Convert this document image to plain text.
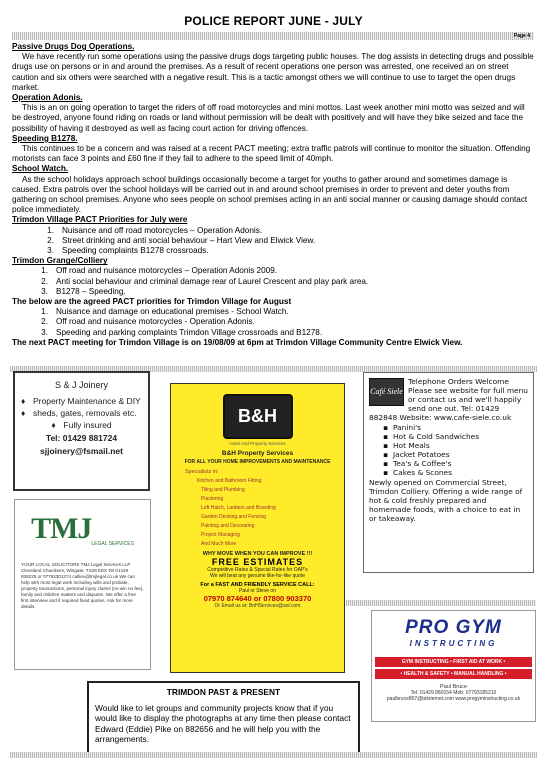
POLICE REPORT JUNE - JULY
Page 4
Passive Drugs Dog Operations.
We have recently run some operations using the passive drugs dogs targeting public houses. The dog assists in detecting drugs and possible drugs use on persons or in and around the premises. As a result of recent operations one person was arrested, one received an on street caution and six others were searched with a negative result. This is a tactic amongst others we will continue to use to target the open drugs market.
Operation Adonis.
This is an on going operation to target the riders of off road motorcycles and mini mottos. Last week another mini motto was seized and will be destroyed, anyone found riding on roads or land without permission will be dealt with positively and will have they bike seized and face the possibility of having it destroyed as well as facing court action for driving offences.
Speeding B1278.
This continues to be a concern and was raised at a recent PACT meeting; extra traffic patrols will continue to monitor the situation. Offending motorists can face 3 points and £60 fine if they fail to adhere to the speed limit of 40mph.
School Watch.
As the school holidays approach school buildings occasionally become a target for youths to gather around and sometimes damage is caused. Extra patrols over the school holidays will be carried out in and around school premises in order to prevent and deter youths from gathering on school premises. Anyone who sees people on school premises acting in an anti social manner or causing damage should contact police immediately.
Trimdon Village PACT Priorities for July were
1. Nuisance and off road motorcycles – Operation Adonis.
2. Street drinking and anti social behaviour – Hart View and Elwick View.
3. Speeding complaints B1278 crossroads.
Trimdon Grange/Colliery
1. Off road and nuisance motorcycles – Operation Adonis 2009.
2. Anti social behaviour and criminal damage rear of Laurel Crescent and play park area.
3. B1278 – Speeding.
The below are the agreed PACT priorities for Trimdon Village for August
1. Nuisance and damage on educational premises - School Watch.
2. Off road and nuisance motorcycles - Operation Adonis.
3. Speeding and parking complaints Trimdon Village crossroads and B1278.
The next PACT meeting for Trimdon Village is on 19/08/09 at 6pm at Trimdon Village Community Centre Elwick View.
S & J Joinery
♦ Property Maintenance & DIY
♦ sheds, gates, removals etc.
♦ Fully insured
Tel: 01429 881724
sjjoinery@fsmail.net
TMJ LEGAL SERVICES
YOUR LOCAL SOLICITORS TMJ Legal Services LLP Cleveland Chambers, Wingate, TS28 5DX Tel 01429 838225 or 07793301274 callieu@tmjlegal.co.uk We can help with most legal work including wills and probate, property transactions, personal injury claims (no win no fee), family and children matters and disputes. We offer a free first interview and if required fixed quotes. Ask for more details.
B&H
Hotel And Property Services
B&H Property Services
FOR ALL YOUR HOME IMPROVEMENTS AND MAINTENANCE
Specialists in:
Kitchen and Bathroom Fitting
Tiling and Plumbing
Plastering
Loft Hatch, Ladders and Boarding
Garden Decking and Fencing
Painting and Decorating
Project Managing
And Much More
WHY MOVE WHEN YOU CAN IMPROVE !!!
FREE ESTIMATES
Competitive Rates & Special Rates for OAP's
We will beat any genuine like-for-like quote
For a FAST AND FRIENDLY SERVICE CALL:
Paul or Steve on
07970 874640 or 07800 903370
Or Email us at: BnHServices@aol.com
Café Siele
Telephone Orders Welcome Please see website for full menu or contact us and we'll happily send one out. Tel: 01429 882848 Website: www.cafe-siele.co.uk
▪ Panini's
▪ Hot & Cold Sandwiches
▪ Hot Meals
▪ Jacket Potatoes
▪ Tea's & Coffee's
▪ Cakes & Scones
Newly opened on Commercial Street, Trimdon Colliery. Offering a wide range of hot & cold freshly prepared and homemade foods, with a choice to eat in or takeaway.
PRO GYM
INSTRUCTING
GYM INSTRUCTING • FIRST AID AT WORK •
• HEALTH & SAFETY • MANUAL HANDLING •
Paul Bruce
Tel: 01429 880154 Mob: 07793185210
paulbruce807@btinternet.com www.progyminstructing.co.uk
TRIMDON PAST & PRESENT
Would like to let groups and community projects know that if you would like to display the photographs at any time then please contact Edward (Eddie) Pike on 882656 and he will help you with the arrangements.
